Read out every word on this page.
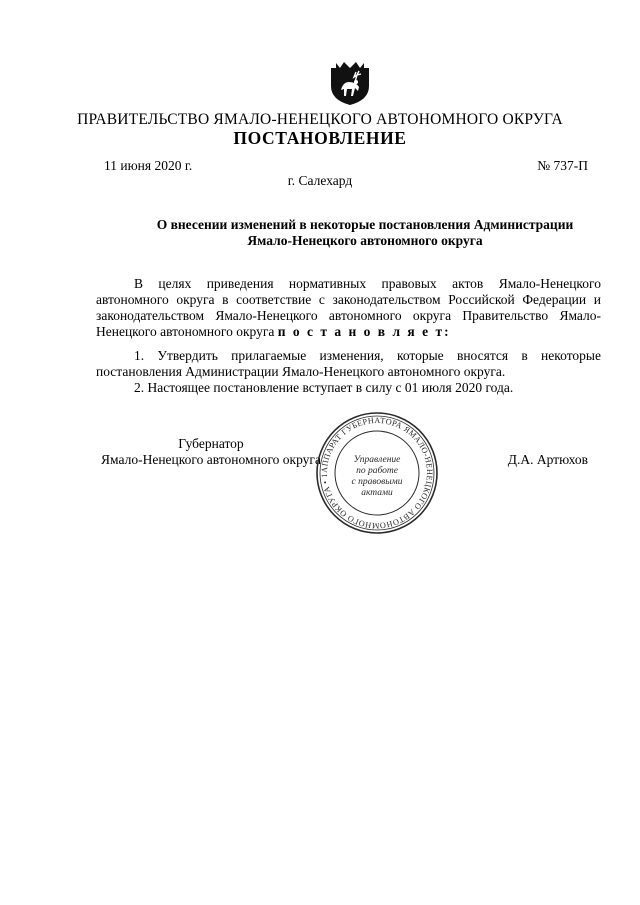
ПРАВИТЕЛЬСТВО ЯМАЛО-НЕНЕЦКОГО АВТОНОМНОГО ОКРУГА
ПОСТАНОВЛЕНИЕ
11 июня 2020 г.	№ 737-П
г. Салехард
О внесении изменений в некоторые постановления Администрации
Ямало-Ненецкого автономного округа
В целях приведения нормативных правовых актов Ямало-Ненецкого автономного округа в соответствие с законодательством Российской Федерации и законодательством Ямало-Ненецкого автономного округа Правительство Ямало-Ненецкого автономного округа п о с т а н о в л я е т:
1. Утвердить прилагаемые изменения, которые вносятся в некоторые постановления Администрации Ямало-Ненецкого автономного округа.
2. Настоящее постановление вступает в силу с 01 июля 2020 года.
Губернатор
Ямало-Ненецкого автономного округа	Д.А. Артюхов
АППАРАТ ГУБЕРНАТОРА ЯМАЛО-НЕНЕЦКОГО АВТОНОМНОГО ОКРУГА • 1
Управление
по работе
с правовыми
актами
